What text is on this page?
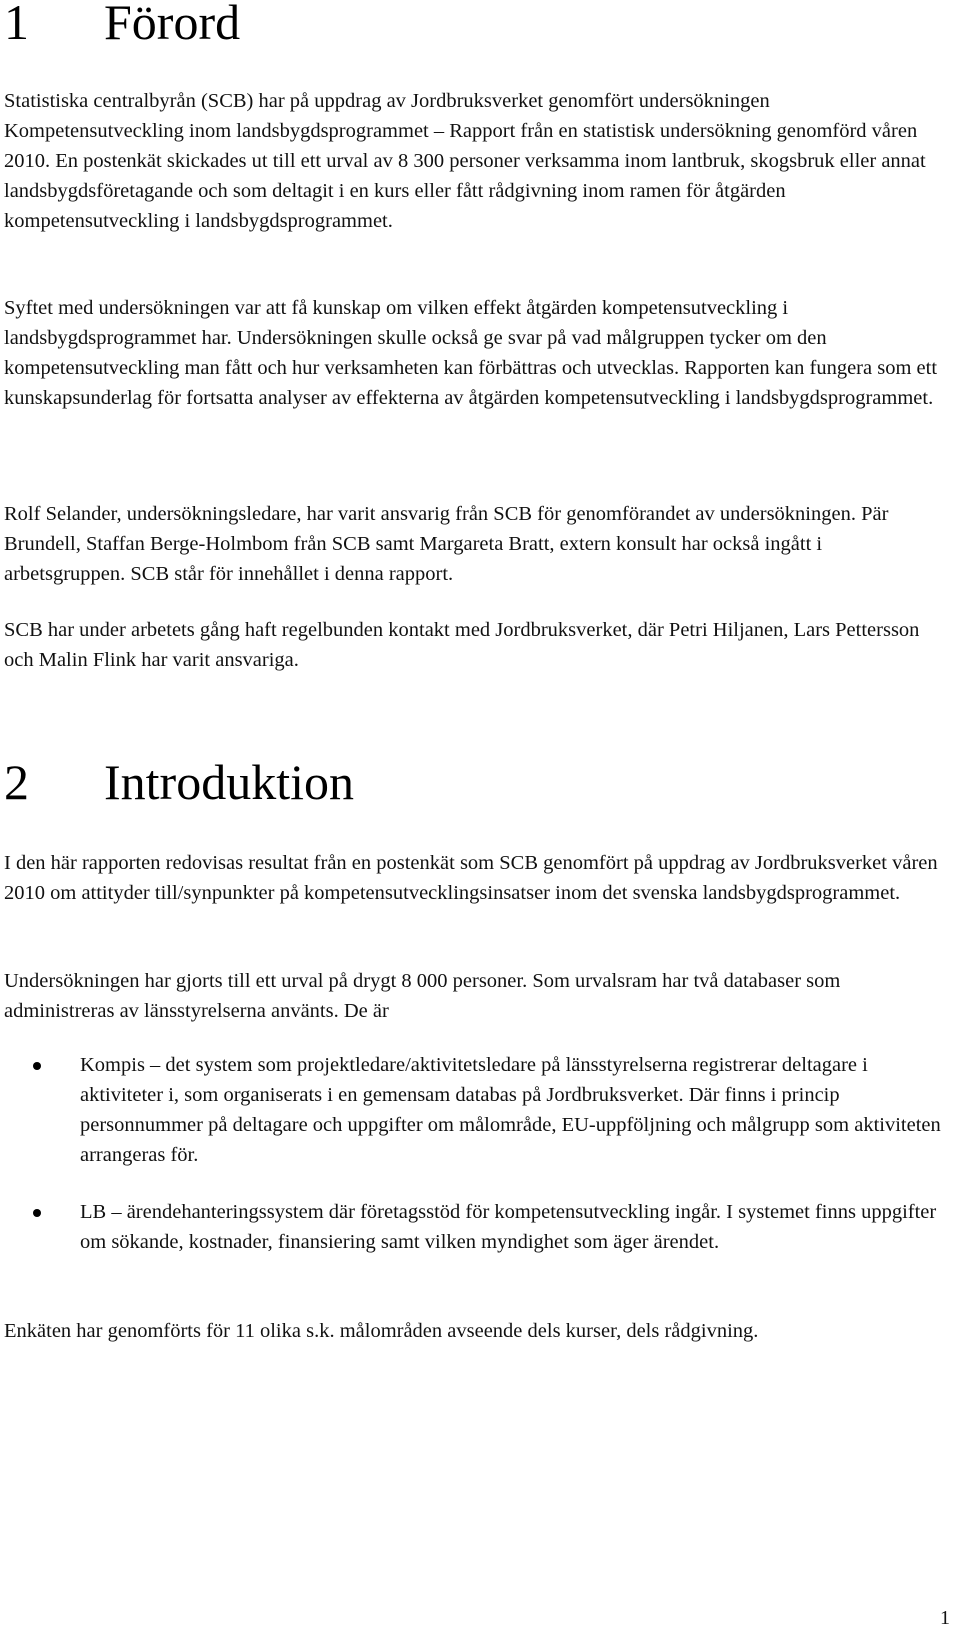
1 Förord

Statistiska centralbyrån (SCB) har på uppdrag av Jordbruksverket genomfört undersökningen Kompetensutveckling inom landsbygdsprogrammet – Rapport från en statistisk undersökning genomförd våren 2010. En postenkät skickades ut till ett urval av 8 300 personer verksamma inom lantbruk, skogsbruk eller annat landsbygdsföretagande och som deltagit i en kurs eller fått rådgivning inom ramen för åtgärden kompetensutveckling i landsbygdsprogrammet.

Syftet med undersökningen var att få kunskap om vilken effekt åtgärden kompetensutveckling i landsbygdsprogrammet har. Undersökningen skulle också ge svar på vad målgruppen tycker om den kompetensutveckling man fått och hur verksamheten kan förbättras och utvecklas. Rapporten kan fungera som ett kunskapsunderlag för fortsatta analyser av effekterna av åtgärden kompetensutveckling i landsbygdsprogrammet.

Rolf Selander, undersökningsledare, har varit ansvarig från SCB för genomförandet av undersökningen. Pär Brundell, Staffan Berge-Holmbom från SCB samt Margareta Bratt, extern konsult har också ingått i arbetsgruppen. SCB står för innehållet i denna rapport.

SCB har under arbetets gång haft regelbunden kontakt med Jordbruksverket, där Petri Hiljanen, Lars Pettersson och Malin Flink har varit ansvariga.

2 Introduktion

I den här rapporten redovisas resultat från en postenkät som SCB genomfört på uppdrag av Jordbruksverket våren 2010 om attityder till/synpunkter på kompetensutvecklingsinsatser inom det svenska landsbygdsprogrammet.

Undersökningen har gjorts till ett urval på drygt 8 000 personer. Som urvalsram har två databaser som administreras av länsstyrelserna använts. De är

Kompis – det system som projektledare/aktivitetsledare på länsstyrelserna registrerar deltagare i aktiviteter i, som organiserats i en gemensam databas på Jordbruksverket. Där finns i princip personnummer på deltagare och uppgifter om målområde, EU-uppföljning och målgrupp som aktiviteten arrangeras för.
LB – ärendehanteringssystem där företagsstöd för kompetensutveckling ingår. I systemet finns uppgifter om sökande, kostnader, finansiering samt vilken myndighet som äger ärendet.

Enkäten har genomförts för 11 olika s.k. målområden avseende dels kurser, dels rådgivning.

1
